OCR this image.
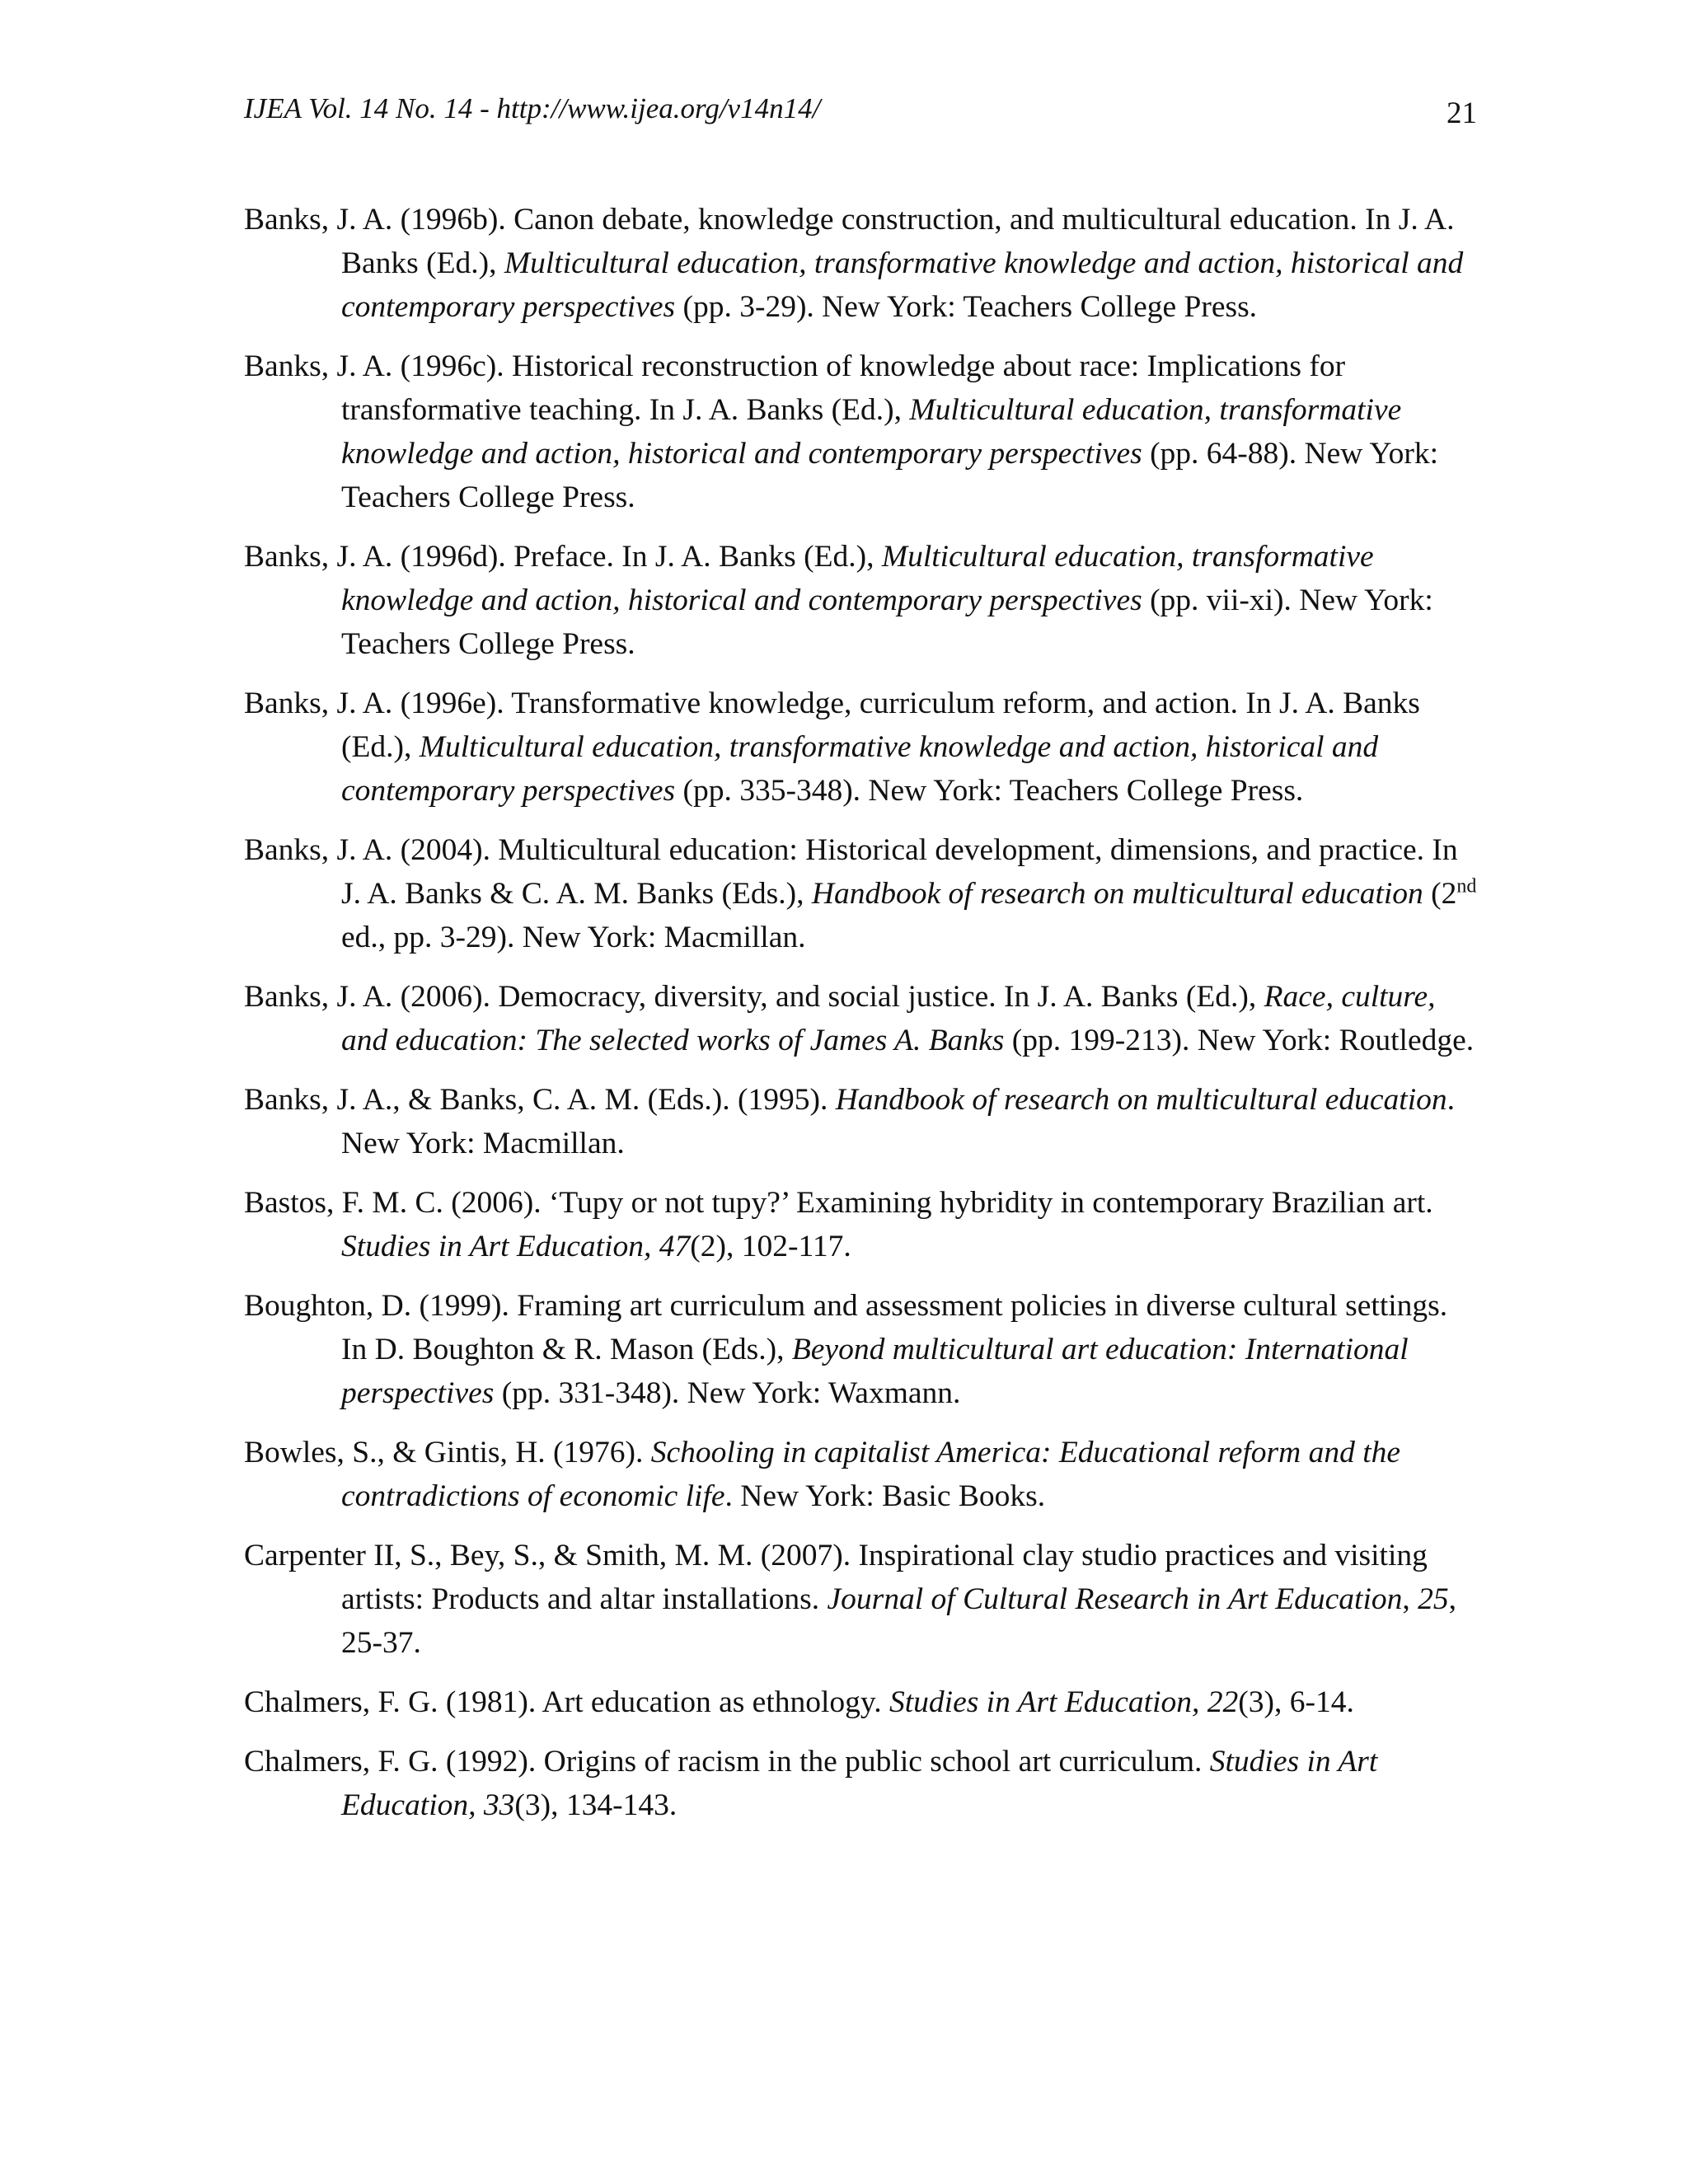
IJEA Vol. 14 No. 14 - http://www.ijea.org/v14n14/	21

Banks, J. A. (1996b). Canon debate, knowledge construction, and multicultural education. In J. A. Banks (Ed.), Multicultural education, transformative knowledge and action, historical and contemporary perspectives (pp. 3-29). New York: Teachers College Press.

Banks, J. A. (1996c). Historical reconstruction of knowledge about race: Implications for transformative teaching. In J. A. Banks (Ed.), Multicultural education, transformative knowledge and action, historical and contemporary perspectives (pp. 64-88). New York: Teachers College Press.

Banks, J. A. (1996d). Preface. In J. A. Banks (Ed.), Multicultural education, transformative knowledge and action, historical and contemporary perspectives (pp. vii-xi). New York: Teachers College Press.

Banks, J. A. (1996e). Transformative knowledge, curriculum reform, and action. In J. A. Banks (Ed.), Multicultural education, transformative knowledge and action, historical and contemporary perspectives (pp. 335-348). New York: Teachers College Press.

Banks, J. A. (2004). Multicultural education: Historical development, dimensions, and practice. In J. A. Banks & C. A. M. Banks (Eds.), Handbook of research on multicultural education (2nd ed., pp. 3-29). New York: Macmillan.

Banks, J. A. (2006). Democracy, diversity, and social justice. In J. A. Banks (Ed.), Race, culture, and education: The selected works of James A. Banks (pp. 199-213). New York: Routledge.

Banks, J. A., & Banks, C. A. M. (Eds.). (1995). Handbook of research on multicultural education. New York: Macmillan.

Bastos, F. M. C. (2006). ‘Tupy or not tupy?’ Examining hybridity in contemporary Brazilian art. Studies in Art Education, 47(2), 102-117.

Boughton, D. (1999). Framing art curriculum and assessment policies in diverse cultural settings. In D. Boughton & R. Mason (Eds.), Beyond multicultural art education: International perspectives (pp. 331-348). New York: Waxmann.

Bowles, S., & Gintis, H. (1976). Schooling in capitalist America: Educational reform and the contradictions of economic life. New York: Basic Books.

Carpenter II, S., Bey, S., & Smith, M. M. (2007). Inspirational clay studio practices and visiting artists: Products and altar installations. Journal of Cultural Research in Art Education, 25, 25-37.

Chalmers, F. G. (1981). Art education as ethnology. Studies in Art Education, 22(3), 6-14.

Chalmers, F. G. (1992). Origins of racism in the public school art curriculum. Studies in Art Education, 33(3), 134-143.
